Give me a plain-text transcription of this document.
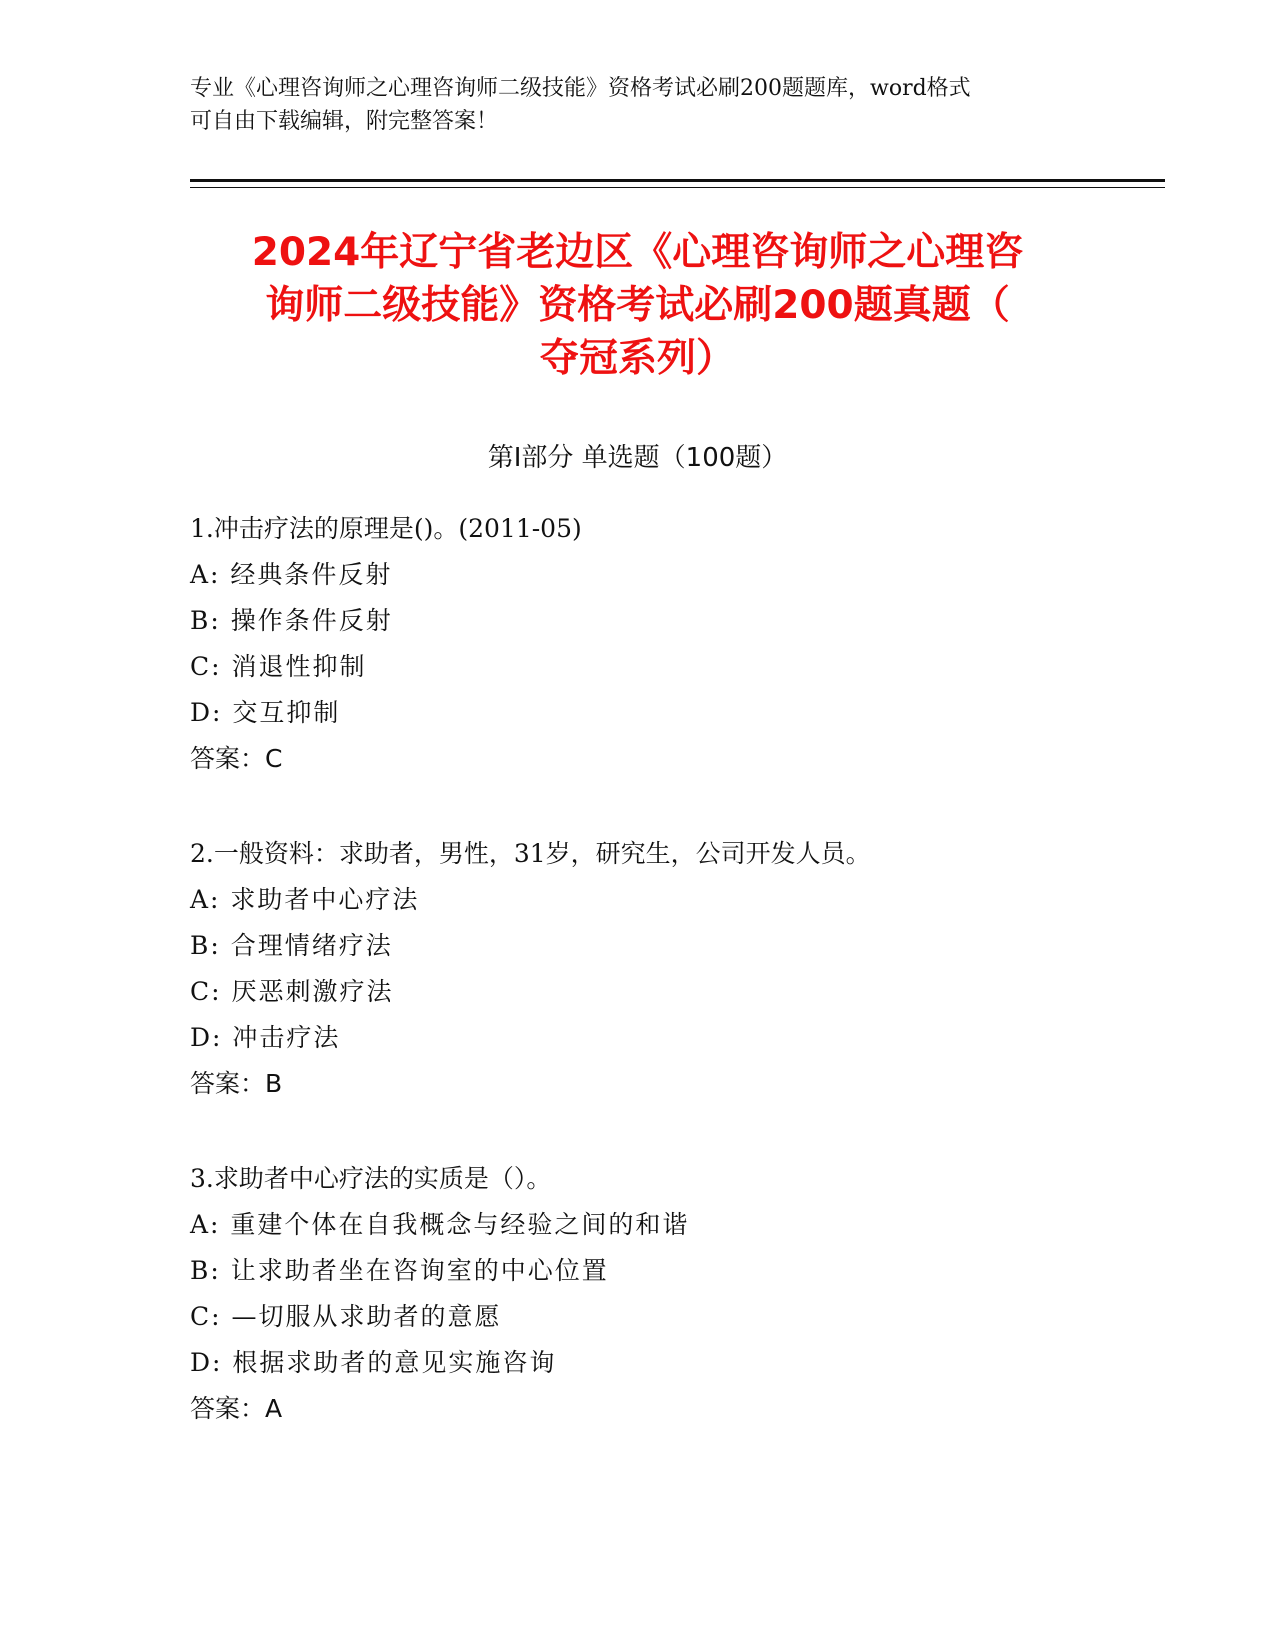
专业《心理咨询师之心理咨询师二级技能》资格考试必刷200题题库，word格式
可自由下载编辑，附完整答案！
2024年辽宁省老边区《心理咨询师之心理咨
询师二级技能》资格考试必刷200题真题（
夺冠系列）
第Ⅰ部分 单选题（100题）
1.冲击疗法的原理是()。(2011-05)
A: 经典条件反射
B: 操作条件反射
C: 消退性抑制
D: 交互抑制
答案：C
2.一般资料：求助者，男性，31岁，研究生，公司开发人员。
A: 求助者中心疗法
B: 合理情绪疗法
C: 厌恶刺激疗法
D: 冲击疗法
答案：B
3.求助者中心疗法的实质是（）。
A: 重建个体在自我概念与经验之间的和谐
B: 让求助者坐在咨询室的中心位置
C: —切服从求助者的意愿
D: 根据求助者的意见实施咨询
答案：A
